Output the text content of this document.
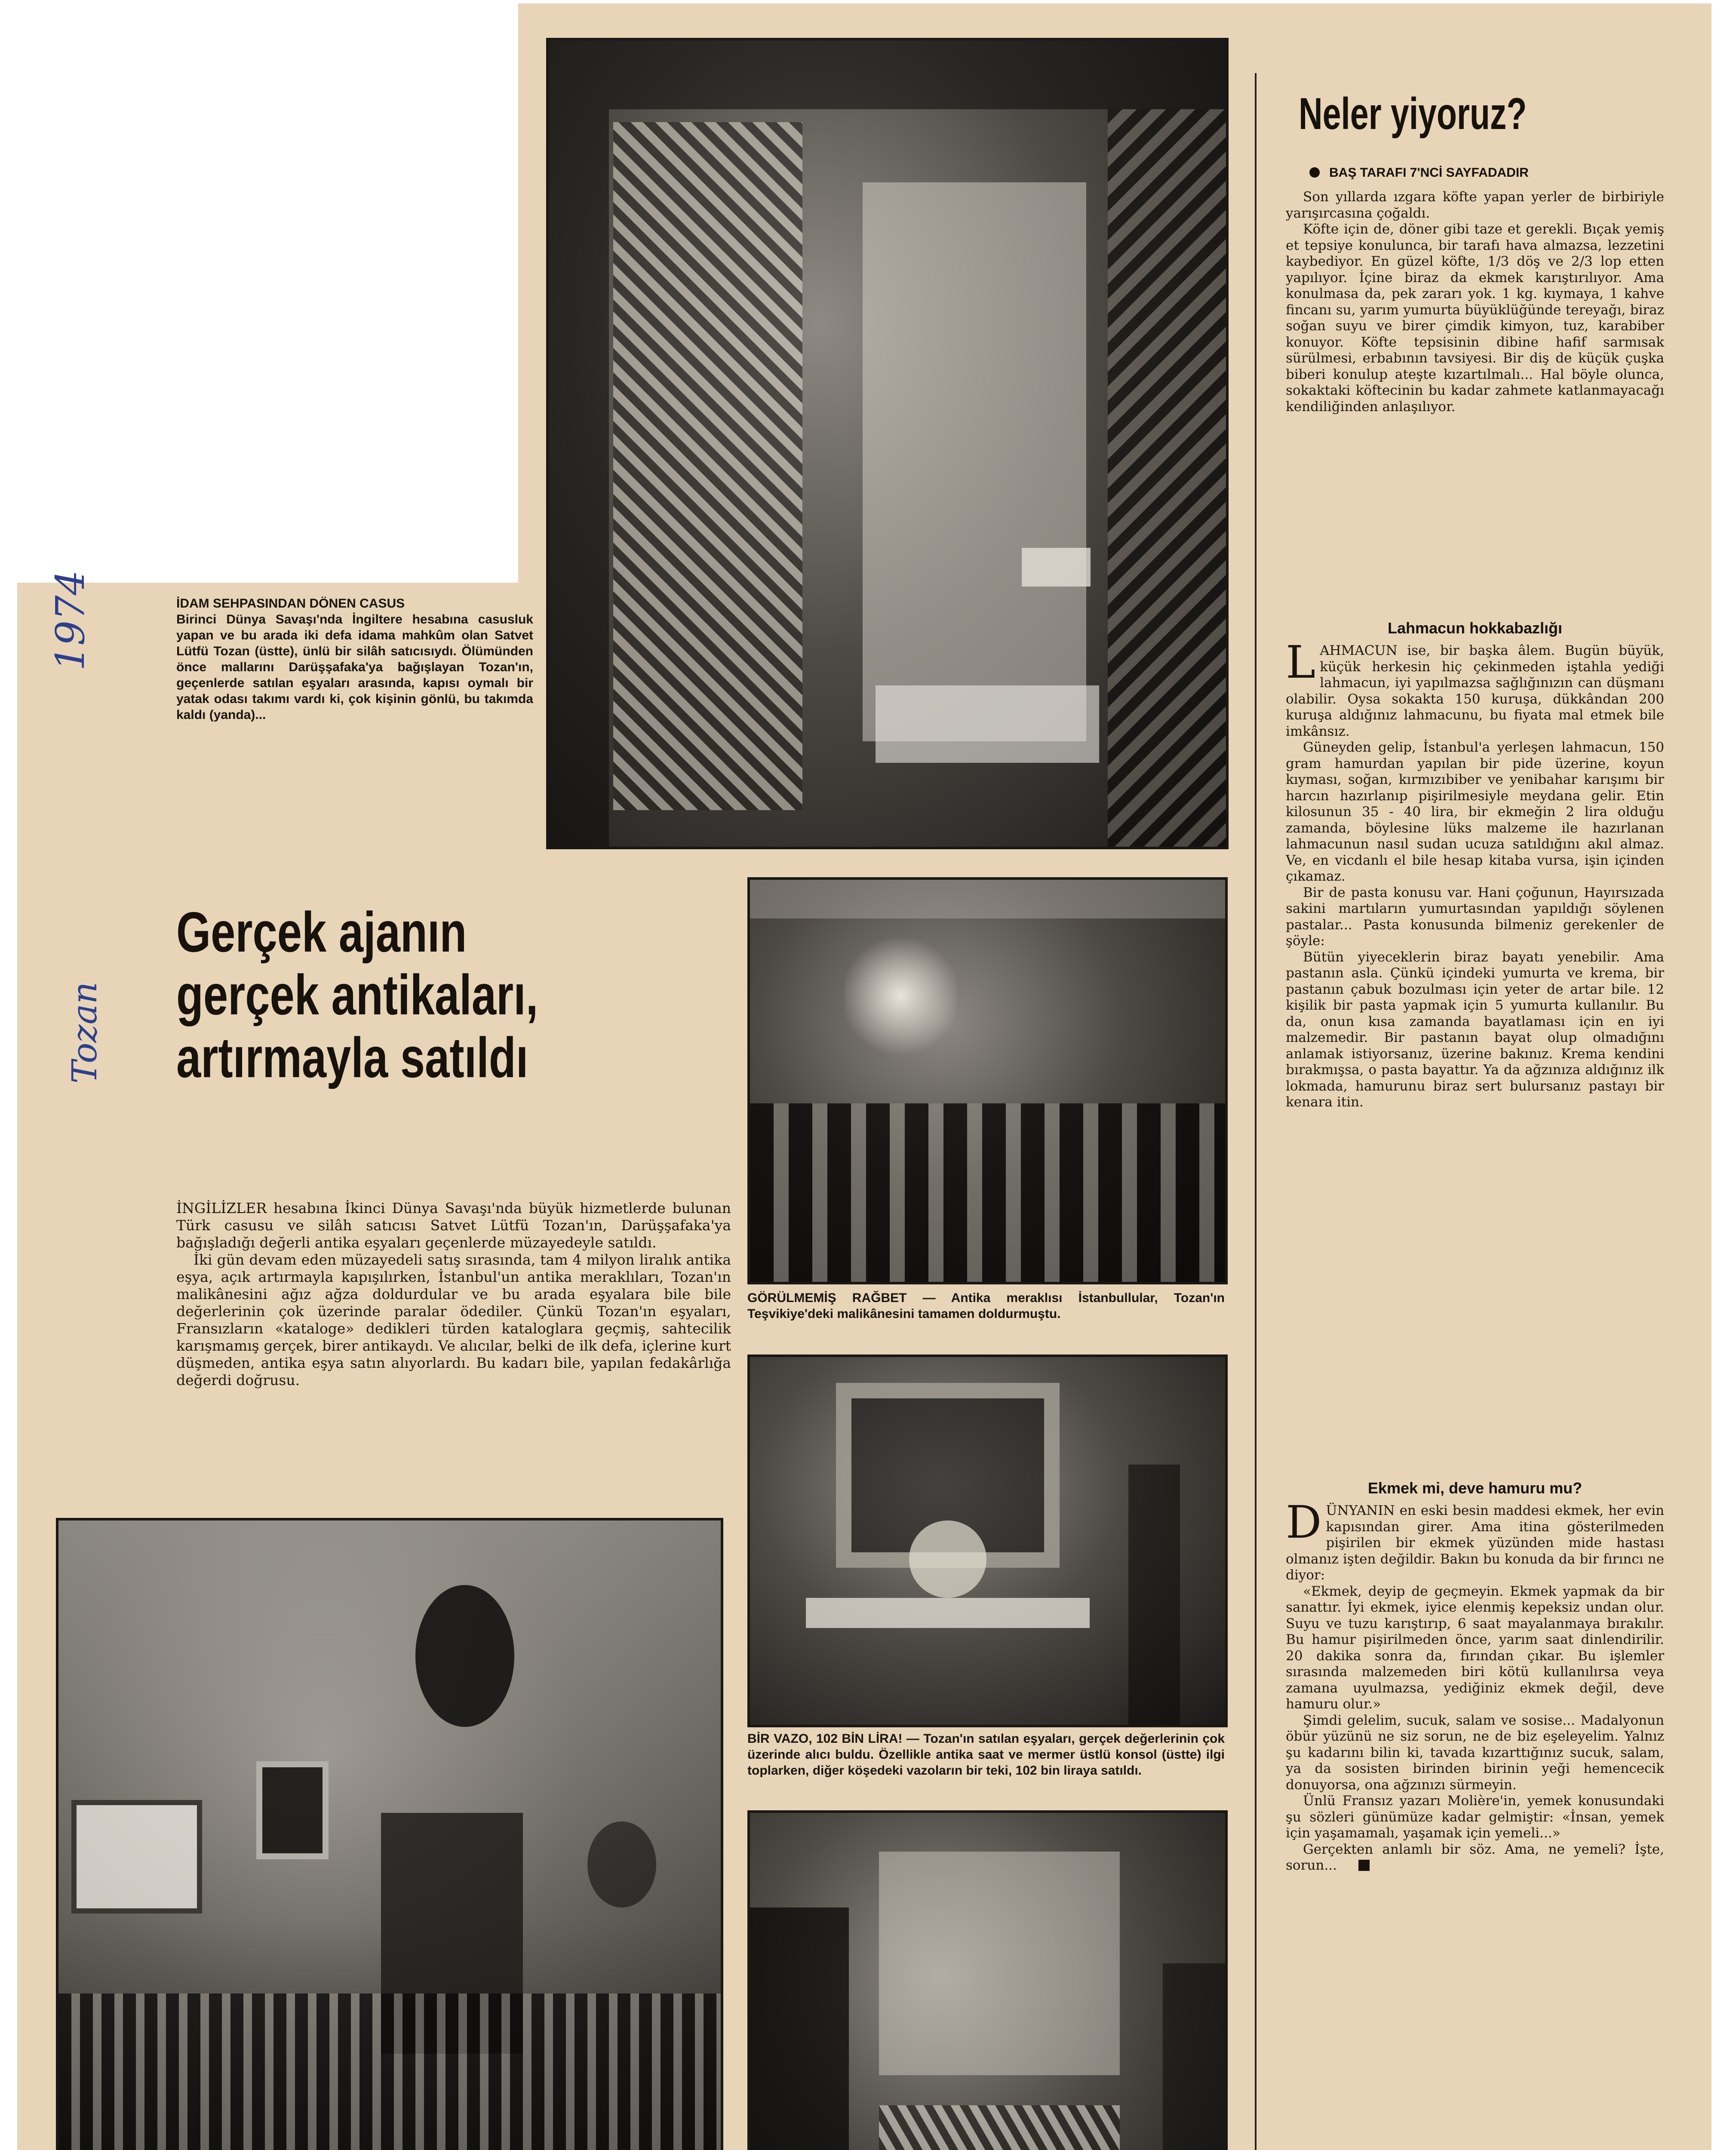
1974
Tozan
İDAM SEHPASINDAN DÖNEN CASUS
Birinci Dünya Savaşı'nda İngiltere hesabına casusluk yapan ve bu arada iki defa idama mahkûm olan Satvet Lütfü Tozan (üstte), ünlü bir silâh satıcısıydı. Ölümünden önce mallarını Darüşşafaka'ya bağışlayan Tozan'ın, geçenlerde satılan eşyaları arasında, kapısı oymalı bir yatak odası takımı vardı ki, çok kişinin gönlü, bu takımda kaldı (yanda)...
Gerçek ajanın
gerçek antikaları,
artırmayla satıldı

İNGİLİZLER hesabına İkinci Dünya Savaşı'nda büyük hizmetlerde bulunan Türk casusu ve silâh satıcısı Satvet Lütfü Tozan'ın, Darüşşafaka'ya bağışladığı değerli antika eşyaları geçenlerde müzayedeyle satıldı.

İki gün devam eden müzayedeli satış sırasında, tam 4 milyon liralık antika eşya, açık artırmayla kapışılırken, İstanbul'un antika meraklıları, Tozan'ın malikânesini ağız ağza doldurdular ve bu arada eşyalara bile bile değerlerinin çok üzerinde paralar ödediler. Çünkü Tozan'ın eşyaları, Fransızların «kataloge» dedikleri türden kataloglara geçmiş, sahtecilik karışmamış gerçek, birer antikaydı. Ve alıcılar, belki de ilk defa, içlerine kurt düşmeden, antika eşya satın alıyorlardı. Bu kadarı bile, yapılan fedakârlığa değerdi doğrusu.

GÖRÜLMEMİŞ RAĞBET — Antika meraklısı İstanbullular, Tozan'ın Teşvikiye'deki malikânesini tamamen doldurmuştu.
BİR VAZO, 102 BİN LİRA! — Tozan'ın satılan eşyaları, gerçek değerlerinin çok üzerinde alıcı buldu. Özellikle antika saat ve mermer üstlü konsol (üstte) ilgi toplarken, diğer köşedeki vazoların bir teki, 102 bin liraya satıldı.
Neler yiyoruz?
BAŞ TARAFI 7'NCİ SAYFADADIR

Son yıllarda ızgara köfte yapan yerler de birbiriyle yarışırcasına çoğaldı.

Köfte için de, döner gibi taze et gerekli. Bıçak yemiş et tepsiye konulunca, bir tarafı hava almazsa, lezzetini kaybediyor. En güzel köfte, 1/3 döş ve 2/3 lop etten yapılıyor. İçine biraz da ekmek karıştırılıyor. Ama konulmasa da, pek zararı yok. 1 kg. kıymaya, 1 kahve fincanı su, yarım yumurta büyüklüğünde tereyağı, biraz soğan suyu ve birer çimdik kimyon, tuz, karabiber konuyor. Köfte tepsisinin dibine hafif sarmısak sürülmesi, erbabının tavsiyesi. Bir diş de küçük çuşka biberi konulup ateşte kızartılmalı... Hal böyle olunca, sokaktaki köftecinin bu kadar zahmete katlanmayacağı kendiliğinden anlaşılıyor.

Lahmacun hokkabazlığı

LAHMACUN ise, bir başka âlem. Bugün büyük, küçük herkesin hiç çekinmeden iştahla yediği lahmacun, iyi yapılmazsa sağlığınızın can düşmanı olabilir. Oysa sokakta 150 kuruşa, dükkândan 200 kuruşa aldığınız lahmacunu, bu fiyata mal etmek bile imkânsız.

Güneyden gelip, İstanbul'a yerleşen lahmacun, 150 gram hamurdan yapılan bir pide üzerine, koyun kıyması, soğan, kırmızıbiber ve yenibahar karışımı bir harcın hazırlanıp pişirilmesiyle meydana gelir. Etin kilosunun 35 - 40 lira, bir ekmeğin 2 lira olduğu zamanda, böylesine lüks malzeme ile hazırlanan lahmacunun nasıl sudan ucuza satıldığını akıl almaz. Ve, en vicdanlı el bile hesap kitaba vursa, işin içinden çıkamaz.

Bir de pasta konusu var. Hani çoğunun, Hayırsızada sakini martıların yumurtasından yapıldığı söylenen pastalar... Pasta konusunda bilmeniz gerekenler de şöyle:

Bütün yiyeceklerin biraz bayatı yenebilir. Ama pastanın asla. Çünkü içindeki yumurta ve krema, bir pastanın çabuk bozulması için yeter de artar bile. 12 kişilik bir pasta yapmak için 5 yumurta kullanılır. Bu da, onun kısa zamanda bayatlaması için en iyi malzemedir. Bir pastanın bayat olup olmadığını anlamak istiyorsanız, üzerine bakınız. Krema kendini bırakmışsa, o pasta bayattır. Ya da ağzınıza aldığınız ilk lokmada, hamurunu biraz sert bulursanız pastayı bir kenara itin.

Ekmek mi, deve hamuru mu?

DÜNYANIN en eski besin maddesi ekmek, her evin kapısından girer. Ama itina gösterilmeden pişirilen bir ekmek yüzünden mide hastası olmanız işten değildir. Bakın bu konuda da bir fırıncı ne diyor:

«Ekmek, deyip de geçmeyin. Ekmek yapmak da bir sanattır. İyi ekmek, iyice elenmiş kepeksiz undan olur. Suyu ve tuzu karıştırıp, 6 saat mayalanmaya bırakılır. Bu hamur pişirilmeden önce, yarım saat dinlendirilir. 20 dakika sonra da, fırından çıkar. Bu işlemler sırasında malzemeden biri kötü kullanılırsa veya zamana uyulmazsa, yediğiniz ekmek değil, deve hamuru olur.»

Şimdi gelelim, sucuk, salam ve sosise... Madalyonun öbür yüzünü ne siz sorun, ne de biz eşeleyelim. Yalnız şu kadarını bilin ki, tavada kızarttığınız sucuk, salam, ya da sosisten birinden birinin yeği hemencecik donuyorsa, ona ağzınızı sürmeyin.

Ünlü Fransız yazarı Molière'in, yemek konusundaki şu sözleri günümüze kadar gelmiştir: «İnsan, yemek için yaşamamalı, yaşamak için yemeli...»

Gerçekten anlamlı bir söz. Ama, ne yemeli? İşte, sorun...
